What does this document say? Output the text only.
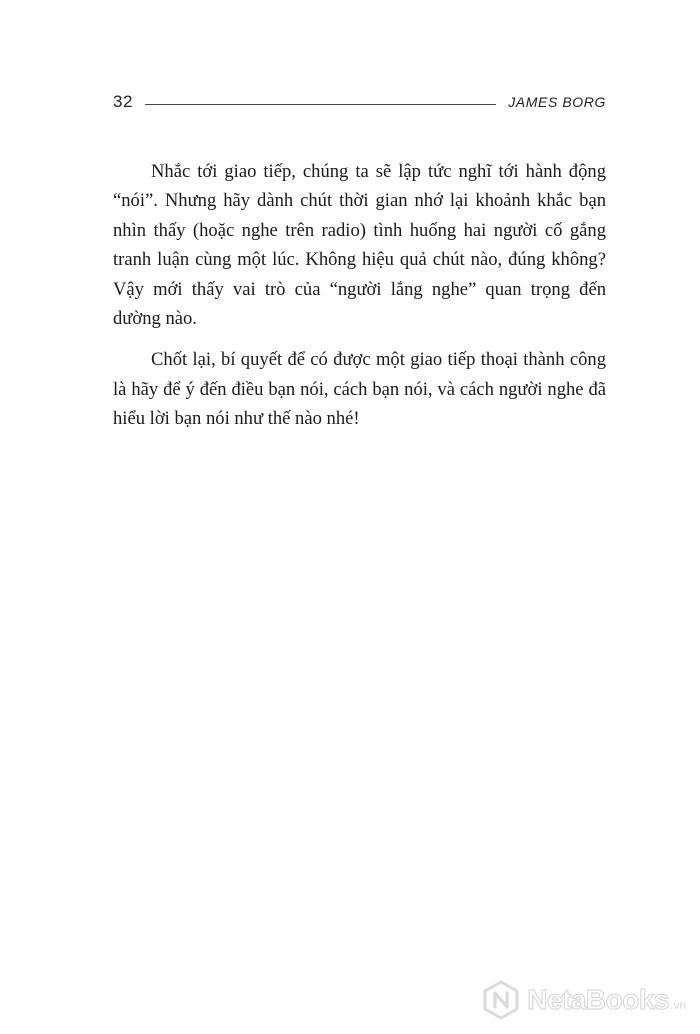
32	JAMES BORG

Nhắc tới giao tiếp, chúng ta sẽ lập tức nghĩ tới hành động “nói”. Nhưng hãy dành chút thời gian nhớ lại khoảnh khắc bạn nhìn thấy (hoặc nghe trên radio) tình huống hai người cố gắng tranh luận cùng một lúc. Không hiệu quả chút nào, đúng không? Vậy mới thấy vai trò của “người lắng nghe” quan trọng đến dường nào.

Chốt lại, bí quyết để có được một giao tiếp thoại thành công là hãy để ý đến điều bạn nói, cách bạn nói, và cách người nghe đã hiểu lời bạn nói như thế nào nhé!

NetaBooks .vn
